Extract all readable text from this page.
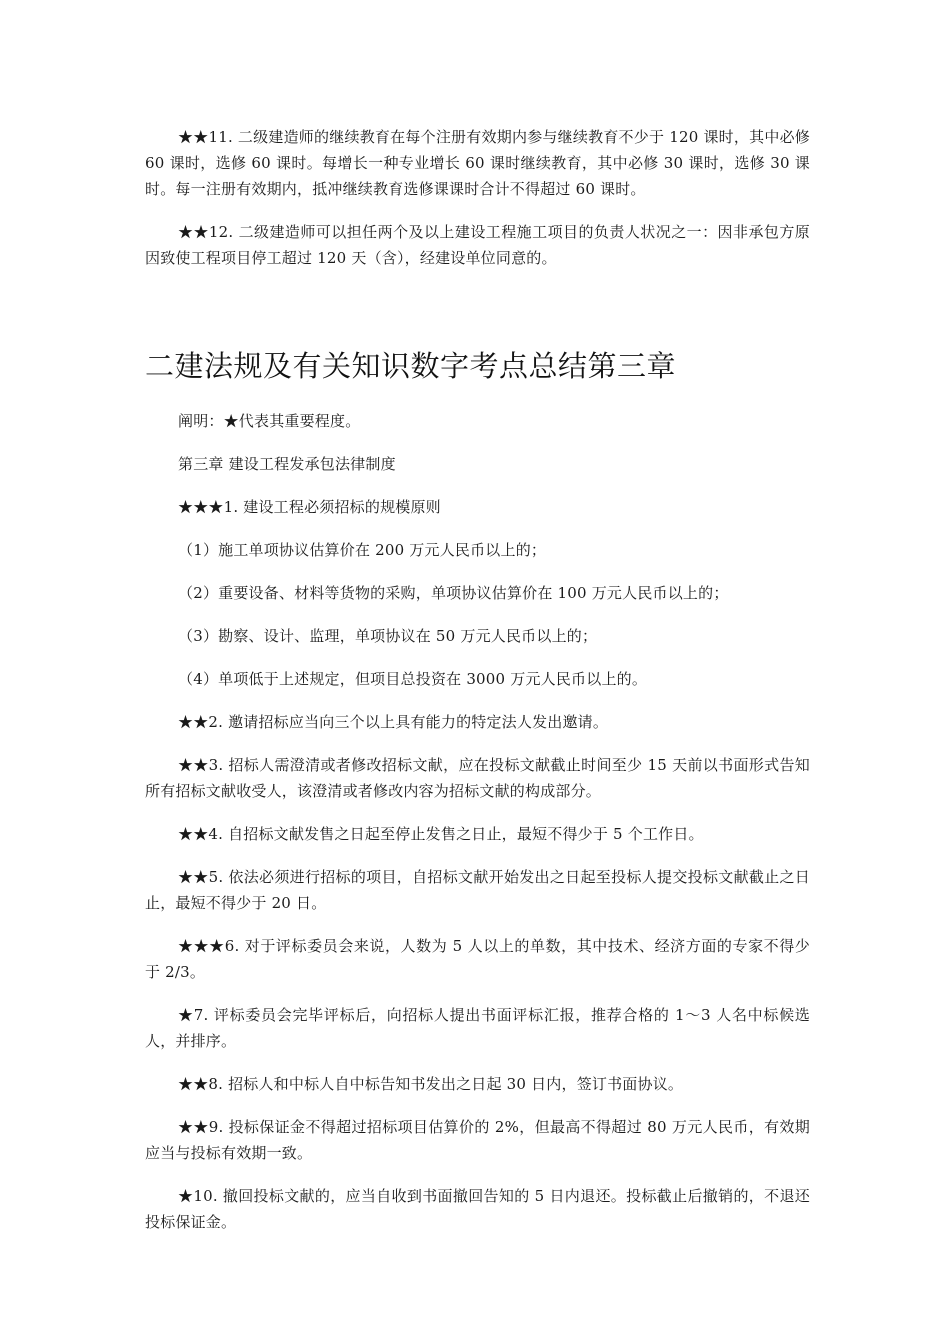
★★11. 二级建造师的继续教育在每个注册有效期内参与继续教育不少于 120 课时，其中必修 60 课时，选修 60 课时。每增长一种专业增长 60 课时继续教育，其中必修 30 课时，选修 30 课时。每一注册有效期内，抵冲继续教育选修课课时合计不得超过 60 课时。

★★12. 二级建造师可以担任两个及以上建设工程施工项目的负责人状况之一：因非承包方原因致使工程项目停工超过 120 天（含），经建设单位同意的。

二建法规及有关知识数字考点总结第三章

阐明：★代表其重要程度。

第三章 建设工程发承包法律制度

★★★1. 建设工程必须招标的规模原则

（1）施工单项协议估算价在 200 万元人民币以上的；

（2）重要设备、材料等货物的采购，单项协议估算价在 100 万元人民币以上的；

（3）勘察、设计、监理，单项协议在 50 万元人民币以上的；

（4）单项低于上述规定，但项目总投资在 3000 万元人民币以上的。

★★2. 邀请招标应当向三个以上具有能力的特定法人发出邀请。

★★3. 招标人需澄清或者修改招标文献，应在投标文献截止时间至少 15 天前以书面形式告知所有招标文献收受人，该澄清或者修改内容为招标文献的构成部分。

★★4. 自招标文献发售之日起至停止发售之日止，最短不得少于 5 个工作日。

★★5. 依法必须进行招标的项目，自招标文献开始发出之日起至投标人提交投标文献截止之日止，最短不得少于 20 日。

★★★6. 对于评标委员会来说，人数为 5 人以上的单数，其中技术、经济方面的专家不得少于 2/3。

★7. 评标委员会完毕评标后，向招标人提出书面评标汇报，推荐合格的 1～3 人名中标候选人，并排序。

★★8. 招标人和中标人自中标告知书发出之日起 30 日内，签订书面协议。

★★9. 投标保证金不得超过招标项目估算价的 2%，但最高不得超过 80 万元人民币，有效期应当与投标有效期一致。

★10. 撤回投标文献的，应当自收到书面撤回告知的 5 日内退还。投标截止后撤销的，不退还投标保证金。
